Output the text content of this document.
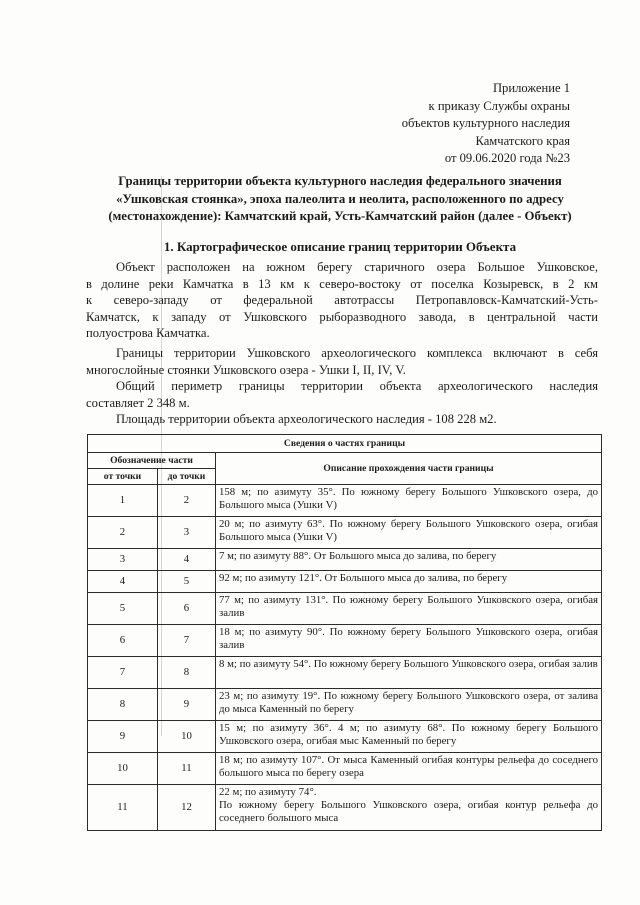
Приложение 1
к приказу Службы охраны
объектов культурного наследия
Камчатского края
от 09.06.2020 года №23
Границы территории объекта культурного наследия федерального значения
«Ушковская стоянка», эпоха палеолита и неолита, расположенного по адресу
(местонахождение): Камчатский край, Усть-Камчатский район (далее - Объект)
1. Картографическое описание границ территории Объекта
Объект расположен на южном берегу старичного озера Большое Ушковское,
в долине реки Камчатка в 13 км к северо-востоку от поселка Козыревск, в 2 км
к северо-западу от федеральной автотрассы Петропавловск-Камчатский-Усть-
Камчатск, к западу от Ушковского рыборазводного завода, в центральной части
полуострова Камчатка.
Границы территории Ушковского археологического комплекса включают в себя
многослойные стоянки Ушковского озера - Ушки I, II, IV, V.
Общий периметр границы территории объекта археологического наследия
составляет 2 348 м.
Площадь территории объекта археологического наследия - 108 228 м2.
Сведения о частях границы		
Обозначение части		Описание прохождения части границы
от точки	до точки	
1	2	158 м; по азимуту 35°. По южному берегу Большого Ушковского озера, до Большого мыса (Ушки V)
2	3	20 м; по азимуту 63°. По южному берегу Большого Ушковского озера, огибая Большого мыса (Ушки V)
3	4	7 м; по азимуту 88°. От Большого мыса до залива, по берегу
4	5	92 м; по азимуту 121°. От Большого мыса до залива, по берегу
5	6	77 м; по азимуту 131°. По южному берегу Большого Ушковского озера, огибая залив
6	7	18 м; по азимуту 90°. По южному берегу Большого Ушковского озера, огибая залив
7	8	8 м; по азимуту 54°. По южному берегу Большого Ушковского озера, огибая залив
8	9	23 м; по азимуту 19°. По южному берегу Большого Ушковского озера, от залива до мыса Каменный по берегу
9	10	15 м; по азимуту 36°. 4 м; по азимуту 68°. По южному берегу Большого Ушковского озера, огибая мыс Каменный по берегу
10	11	18 м; по азимуту 107°. От мыса Каменный огибая контуры рельефа до соседнего большого мыса по берегу озера
11	12	22 м; по азимуту 74°.
По южному берегу Большого Ушковского озера, огибая контур рельефа до соседнего большого мыса
